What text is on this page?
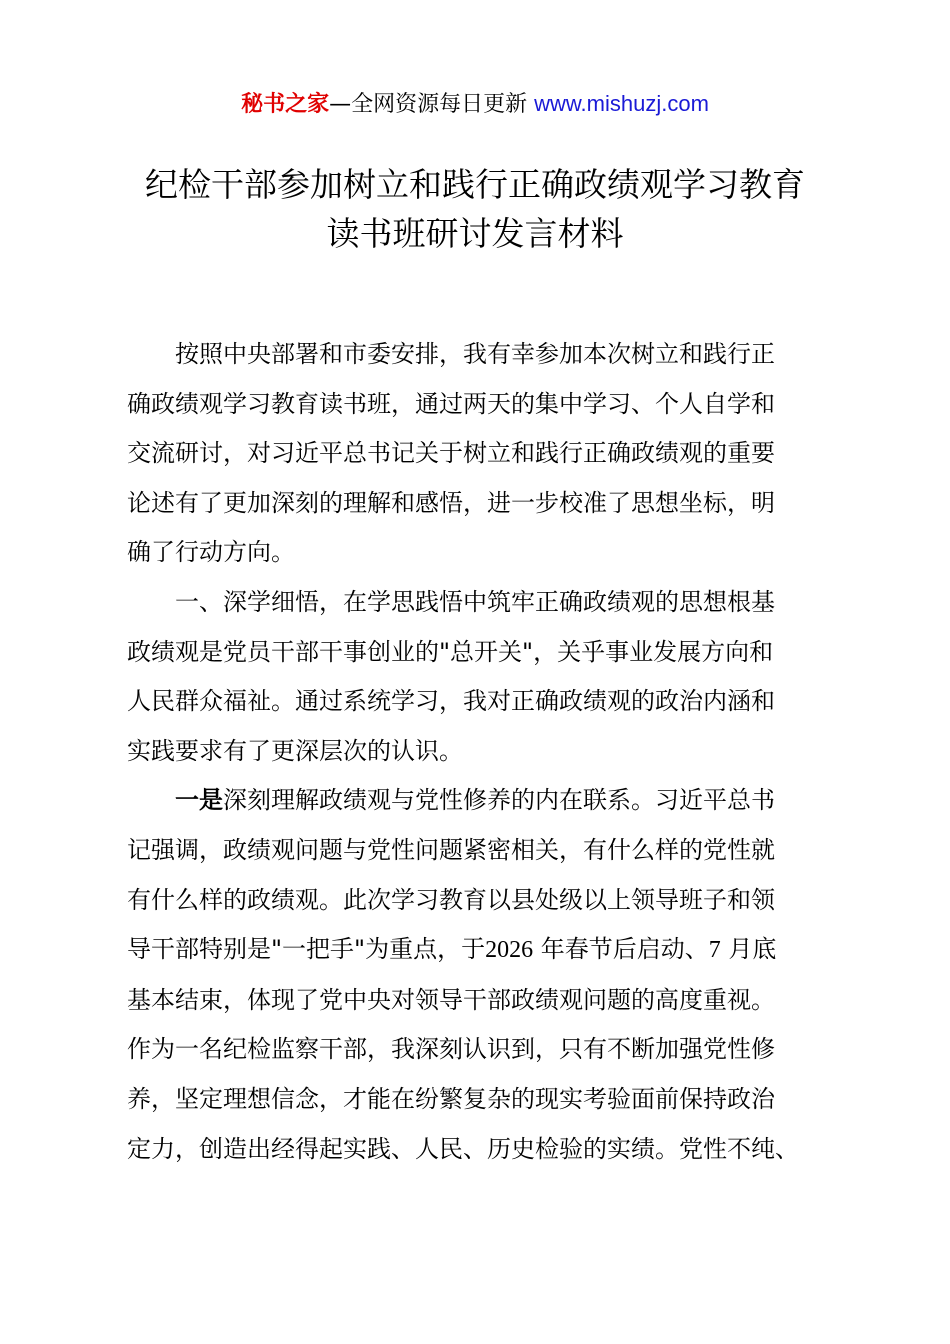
秘书之家—全网资源每日更新 www.mishuzj.com
纪检干部参加树立和践行正确政绩观学习教育
读书班研讨发言材料
按照中央部署和市委安排，我有幸参加本次树立和践行正
确政绩观学习教育读书班，通过两天的集中学习、个人自学和
交流研讨，对习近平总书记关于树立和践行正确政绩观的重要
论述有了更加深刻的理解和感悟，进一步校准了思想坐标，明
确了行动方向。
一、深学细悟，在学思践悟中筑牢正确政绩观的思想根基
政绩观是党员干部干事创业的"总开关"，关乎事业发展方向和
人民群众福祉。通过系统学习，我对正确政绩观的政治内涵和
实践要求有了更深层次的认识。
一是深刻理解政绩观与党性修养的内在联系。习近平总书
记强调，政绩观问题与党性问题紧密相关，有什么样的党性就
有什么样的政绩观。此次学习教育以县处级以上领导班子和领
导干部特别是"一把手"为重点，于2026 年春节后启动、7 月底
基本结束，体现了党中央对领导干部政绩观问题的高度重视。
作为一名纪检监察干部，我深刻认识到，只有不断加强党性修
养，坚定理想信念，才能在纷繁复杂的现实考验面前保持政治
定力，创造出经得起实践、人民、历史检验的实绩。党性不纯、
